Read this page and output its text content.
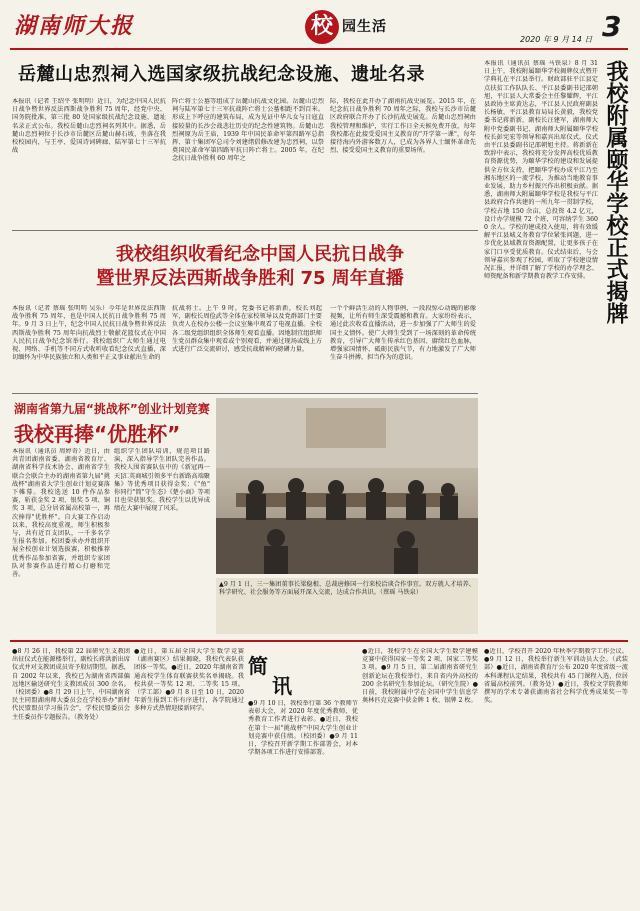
湖南师大报	校 园生活
2020 年 9 月 14 日 3
岳麓山忠烈祠入选国家级抗战纪念设施、遗址名录
本报讯（记者 王绍平 张明明）近日，为纪念中国人民抗日战争暨世界反法西斯战争胜利 75 周年，经党中央、国务院批准，第三批 80 处国家级抗战纪念设施、遗址名录正式公布。我校岳麓山忠烈祠名列其中。据悉，岳麓山忠烈祠位于长沙市岳麓区岳麓山赫石坡，坐落在我校校园内，与王亭、爱国诗词碑廊、陆军第七十三军抗战
阵亡将士公墓等组成了岳麓山抗战文化园。岳麓山忠烈祠与陆军第七十三军抗战阵亡将士公墓相距不到百米。形成上下呼应的建筑布局，成为见证中华儿女与日寇直接较量的长沙会战悲壮历史的纪念性建筑物。岳麓山忠烈祠原为岳王庙，1939 年中国民革命军第四路军总指挥、第十集团军总司令刘建绪倡修改建为忠烈祠，以祭奠国民革命军第四路军抗日阵亡将士。2005 年，在纪念抗日战争胜利 60 周年之
际，我校在此开办了湖南抗战史展览。2015 年，在纪念抗日战争胜利 70 周年之际，我校与长沙市岳麓区政府联合开办了长沙抗战史展览。岳麓山忠烈祠由我校管理和维护，实行工作日全天候免费开放，每年我校都在此接受爱国主义教育的"开学第一课"，每年接待海内外游客数万人，已成为各界人士缅怀革命先烈、接受爱国主义教育的重要场所。
我校组织收看纪念中国人民抗日战争
暨世界反法西斯战争胜利 75 周年直播
本报讯（记者 蔡瑶 张明明 吴乐）今年是世界反法西斯战争胜利 75 周年，也是中国人民抗日战争胜利 75 周年。9 月 3 日上午，纪念中国人民抗日战争暨世界反法西斯战争胜利 75 周年向抗战烈士敬献花篮仪式在中国人民抗日战争纪念馆举行。我校组织广大师生通过电视、网络、手机等不同方式收听收看纪念仪式直播，深切缅怀为中华民族独立和人类和平正义事业献出生命的
抗战将士。上午 9 时，党委书记蒋新新，校长刘起军，副校长周俭武等全体在家校领导以及党群部门主要负责人在校办公楼一会议室集中观看了电视直播。全校各二级党组织组织全体师生观看直播。因地制宜组织师生党员群众集中观看或个别观看，并通过现场或线上方式进行广泛交流研讨，感受抗战精神的磅礴力量。
一个个鲜活生动的人物事例，一段段惊心动魄的影像视频，让所有师生深受震撼和教育。大家纷纷表示，通过此次收看直播活动，进一步加强了广大师生的爱国主义情怀。使广大师生受到了一场深刻的革命传统教育，引导广大师生传承红色基因、赓续红色血脉，增强家国情怀，砥砺民族气节，有力地激发了广大师生奋斗拼搏、担当作为的意识。
湖南省第九届“挑战杯”创业计划竞赛
我校再捧“优胜杯”
本报讯（通讯员 周婷奇）近日，由共青团湖南省委、湖南省教育厅、湖南省科学技术协会、湖南省学生联合会联合主办的湖南省第九届"挑战杯"湖南省大学生创业计划竞赛落下帷幕。我校选送 10 件作品参赛，斩获金奖 2 项、银奖 5 项、铜奖 3 项，总分居省属高校第一，再次捧得"优胜杯"。自大赛工作启动以来，我校高度重视，师生积极参与，共有近百支团队，一千多名学生报名参加。校团委承办并组织开展全校创业计划选拔赛，积极推荐优秀作品参加省赛，并组织专家团队对参赛作品进行精心打磨和完善。
组织学生团队培训，规范项目路演，深入指导学生团队完善作品。我校人围省赛队伍中的《新冠再一天]汇英商城引领多平台新路高端聚集》等优秀项目获得金奖；《"鱼" 你同行"简"守生态》《楚小商》等项目也荣获银奖。我校学生以优异成绩在大赛中展现了风采。
▲9 月 1 日，三一集团董事长梁稳根、总裁唐修国一行来校洽谈合作事宜。双方就人才培养、科学研究、社会服务等方面展开深入交流，达成合作共识。（蔡瑶 马铁泉）
我校附属颐华学校正式揭牌
本报讯（通讯员 蔡瑶 马铁泉）8 月 31 日上午，我校附属颐华学校揭牌仪式暨开学典礼在平江县举行。财政部驻平江县定点扶贫工作队队长、平江县委副书记邵朝旭，平江县人大常委会主任黎耀辉，平江县政协主席黄达志，平江县人民政府副县长杨敏，平江县教育局局长黄毅，我校党委书记蒋新新，副校长汪建军，湖南师大附中党委副书记、湖南师大附属颐华学校校长彭宪宏等领导和嘉宾出席仪式。仪式由平江县委副书记邵朝旭主持。蒋新新在致辞中表示，我校将充分发挥高校优质教育资源优势，为颐华学校的建设和发展提供全方位支持，把颐华学校办成平江乃至湘东地区的一流学校，为推动当地教育事业发展、助力乡村振兴作出积极贡献。据悉，湖南师大附属颐华学校是我校与平江县政府合作共建的一所九年一贯制学校，学校占地 150 余亩，总投资 4.2 亿元，设计办学规模 72 个班，可容纳学生 3600 余人。学校的建成投入使用，将有效缓解平江县城义务教育学位紧张问题，进一步优化县域教育资源配置，让更多孩子在家门口享受优质教育。仪式结束后，与会领导嘉宾参观了校园，听取了学校建设情况汇报，并详细了解了学校的办学理念、师资配备和新学期教育教学工作安排。
简
讯
●8 月 26 日，我校第 22 届研究生支教团出征仪式在能源楼举行，副校长蒋洪新出席仪式并对支教团成员寄予殷切期望。据悉，自 2002 年以来，我校已为湖南省西部偏远地区输送研究生支教团成员 300 余名。（校团委）●8 月 29 日上午，中国湖南省民主同盟湖南师大委员会在学校举办"新时代民盟盟员学习报告会"，学校民盟委员会主任委员作专题报告。（教务处）
●近日，第五届全国大学生数学竞赛（湖南赛区）结果揭晓，我校代表队获团体一等奖。●近日，2020 年湖南省普通高校学生体育联赛获奖名单揭晓。我校共获一等奖 12 项、二等奖 15 项。（学工部）●9 月 8 日至 10 日，2020 年新生报到工作有序进行，各学院通过多种方式热情迎接新同学。
●9 月 10 日，我校举行第 36 个教师节表彰大会，对 2020 年度优秀教师、优秀教育工作者进行表彰。●近日，我校在第十一届"挑战杯"中国大学生创业计划竞赛中获佳绩。（校团委）●9 月 11 日，学校召开新学期工作部署会，对本学期各项工作进行安排部署。
●近日，我校学生在全国大学生数学建模竞赛中获得国家一等奖 2 项、国家二等奖 3 项。●9 月 5 日，第二届湖南省研究生创新论坛在我校举行，来自省内外高校的 200 余名研究生参加论坛。（研究生院）●日前，我校附属中学在全国中学生信息学奥林匹克竞赛中获金牌 1 枚、银牌 2 枚。
●近日，学校召开 2020 年秋季学期教学工作会议。●9 月 12 日，我校举行新生军训动员大会。（武装部）●近日，湖南省教育厅公布 2020 年度省级一流本科课程认定结果，我校共有 45 门课程入选，位居省属高校前列。（教务处）●近日，我校文学院教师撰写的学术专著获湖南省社会科学优秀成果奖一等奖。
